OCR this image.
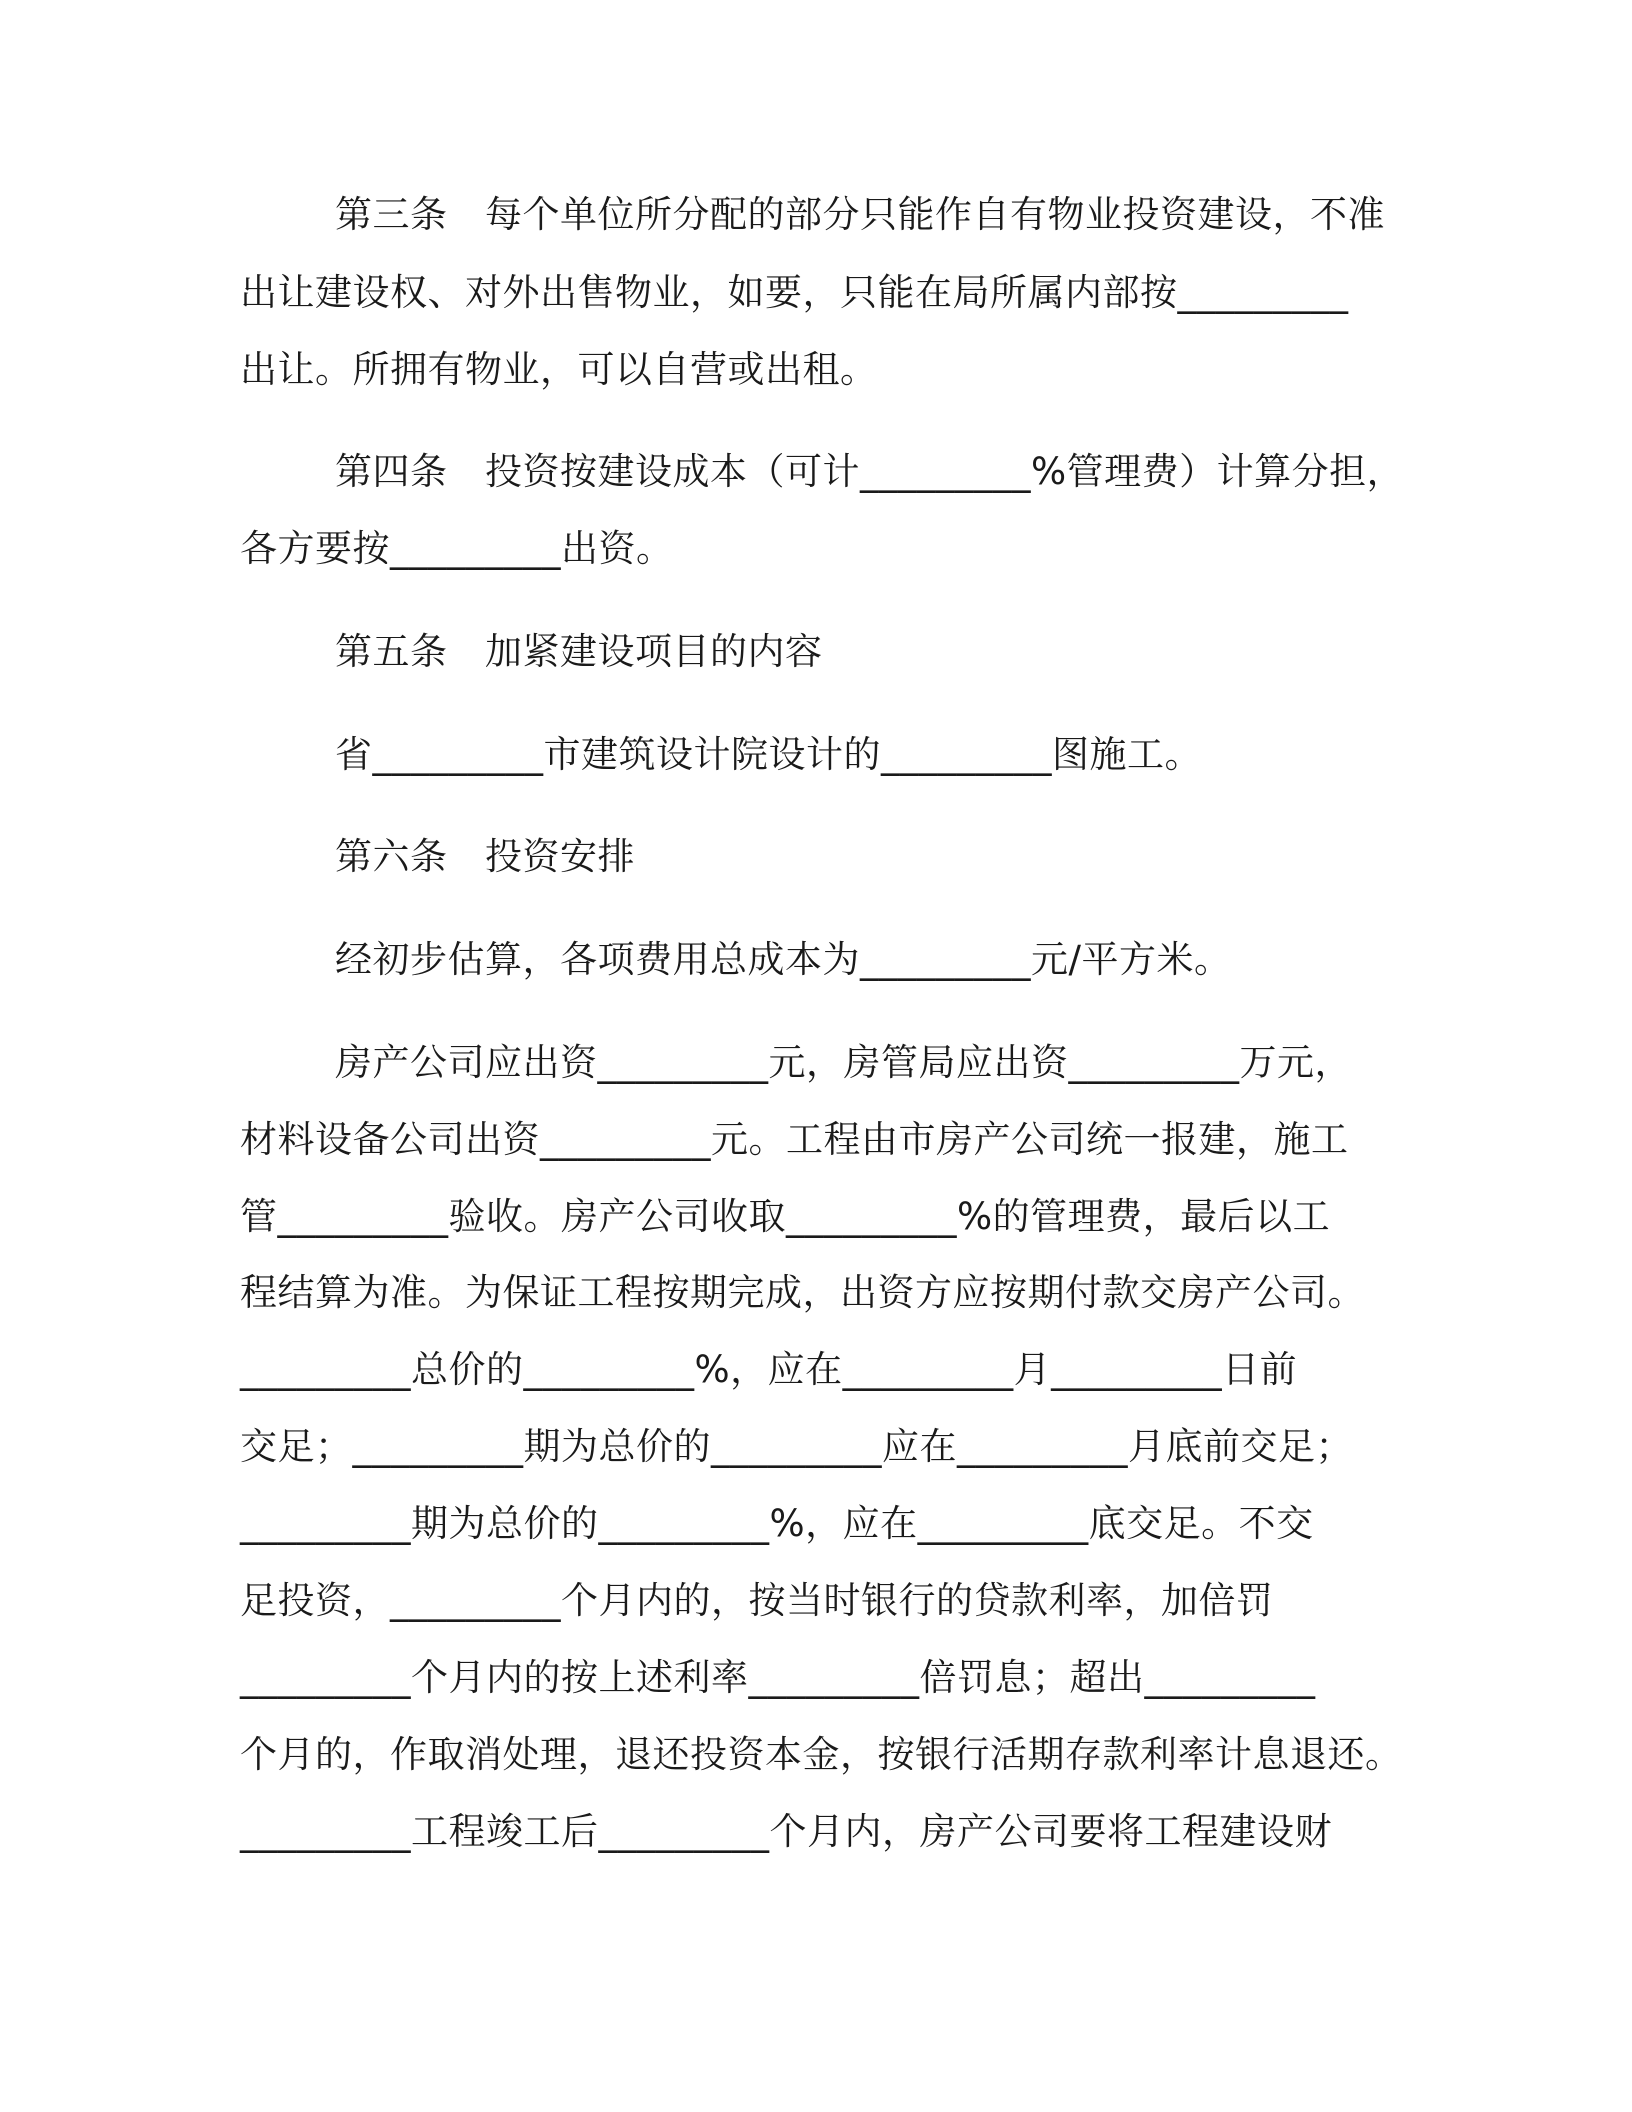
第三条　每个单位所分配的部分只能作自有物业投资建设，不准
出让建设权、对外出售物业，如要，只能在局所属内部按_________
出让。所拥有物业，可以自营或出租。
第四条　投资按建设成本（可计_________%管理费）计算分担，
各方要按_________出资。
第五条　加紧建设项目的内容
省_________市建筑设计院设计的_________图施工。
第六条　投资安排
经初步估算，各项费用总成本为_________元/平方米。
房产公司应出资_________元，房管局应出资_________万元，
材料设备公司出资_________元。工程由市房产公司统一报建，施工
管_________验收。房产公司收取_________%的管理费，最后以工
程结算为准。为保证工程按期完成，出资方应按期付款交房产公司。
_________总价的_________%，应在_________月_________日前
交足；_________期为总价的_________应在_________月底前交足；
_________期为总价的_________%，应在_________底交足。不交
足投资，_________个月内的，按当时银行的贷款利率，加倍罚
_________个月内的按上述利率_________倍罚息；超出_________
个月的，作取消处理，退还投资本金，按银行活期存款利率计息退还。
_________工程竣工后_________个月内，房产公司要将工程建设财
